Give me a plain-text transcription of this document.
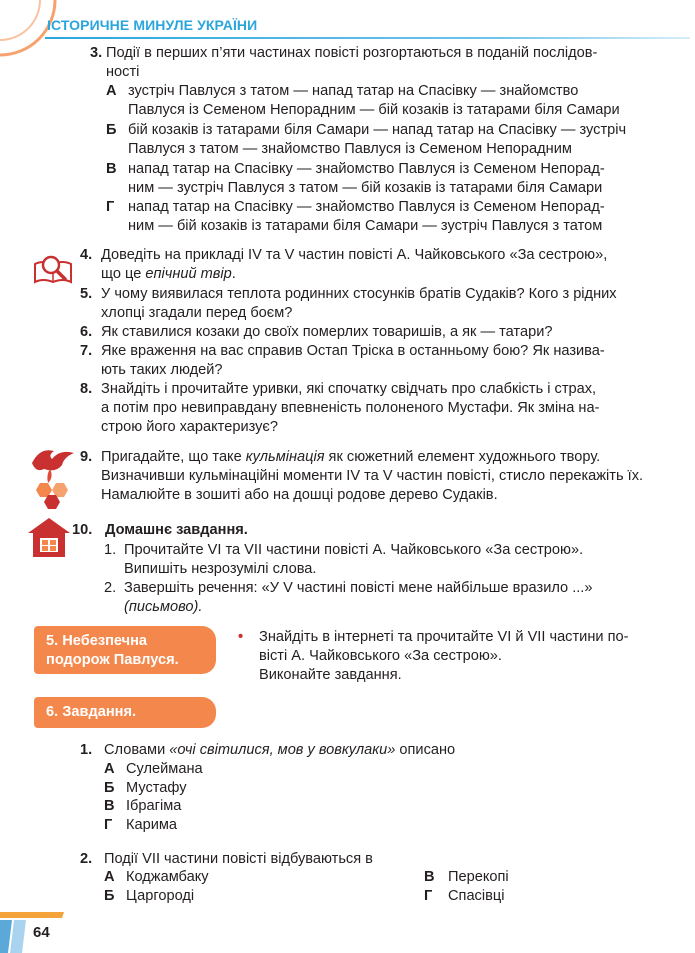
ІСТОРИЧНЕ МИНУЛЕ УКРАЇНИ
3. Події в перших п’яти частинах повісті розгортаються в поданій послідов-
ності
А зустріч Павлуся з татом — напад татар на Спасівку — знайомство
Павлуся із Семеном Непорадним — бій козаків із татарами біля Самари
Б бій козаків із татарами біля Самари — напад татар на Спасівку — зустріч
Павлуся з татом — знайомство Павлуся із Семеном Непорадним
В напад татар на Спасівку — знайомство Павлуся із Семеном Непорад-
ним — зустріч Павлуся з татом — бій козаків із татарами біля Самари
Г напад татар на Спасівку — знайомство Павлуся із Семеном Непорад-
ним — бій козаків із татарами біля Самари — зустріч Павлуся з татом
4. Доведіть на прикладі IV та V частин повісті А. Чайковського «За сестрою»,
що це епічний твір.
5. У чому виявилася теплота родинних стосунків братів Судаків? Кого з рідних
хлопці згадали перед боєм?
6. Як ставилися козаки до своїх померлих товаришів, а як — татари?
7. Яке враження на вас справив Остап Тріска в останньому бою? Як назива-
ють таких людей?
8. Знайдіть і прочитайте уривки, які спочатку свідчать про слабкість і страх,
а потім про невиправдану впевненість полоненого Мустафи. Як зміна на-
строю його характеризує?
9. Пригадайте, що таке кульмінація як сюжетний елемент художнього твору.
Визначивши кульмінаційні моменти IV та V частин повісті, стисло перекажіть їх.
Намалюйте в зошиті або на дошці родове дерево Судаків.
10. Домашнє завдання.
1. Прочитайте VI та VII частини повісті А. Чайковського «За сестрою».
Випишіть незрозумілі слова.
2. Завершіть речення: «У V частині повісті мене найбільше вразило ...»
(письмово).
5. Небезпечна
подорож Павлуся.
• Знайдіть в інтернеті та прочитайте VI й VII частини по-
вісті А. Чайковського «За сестрою».
Виконайте завдання.
6. Завдання.
1. Словами «очі світилися, мов у вовкулаки» описано
А Сулеймана
Б Мустафу
В Ібрагіма
Г Карима
2. Події VII частини повісті відбуваються в
А Коджамбаку
Б Царгороді
В Перекопі
Г Спасівці
64
